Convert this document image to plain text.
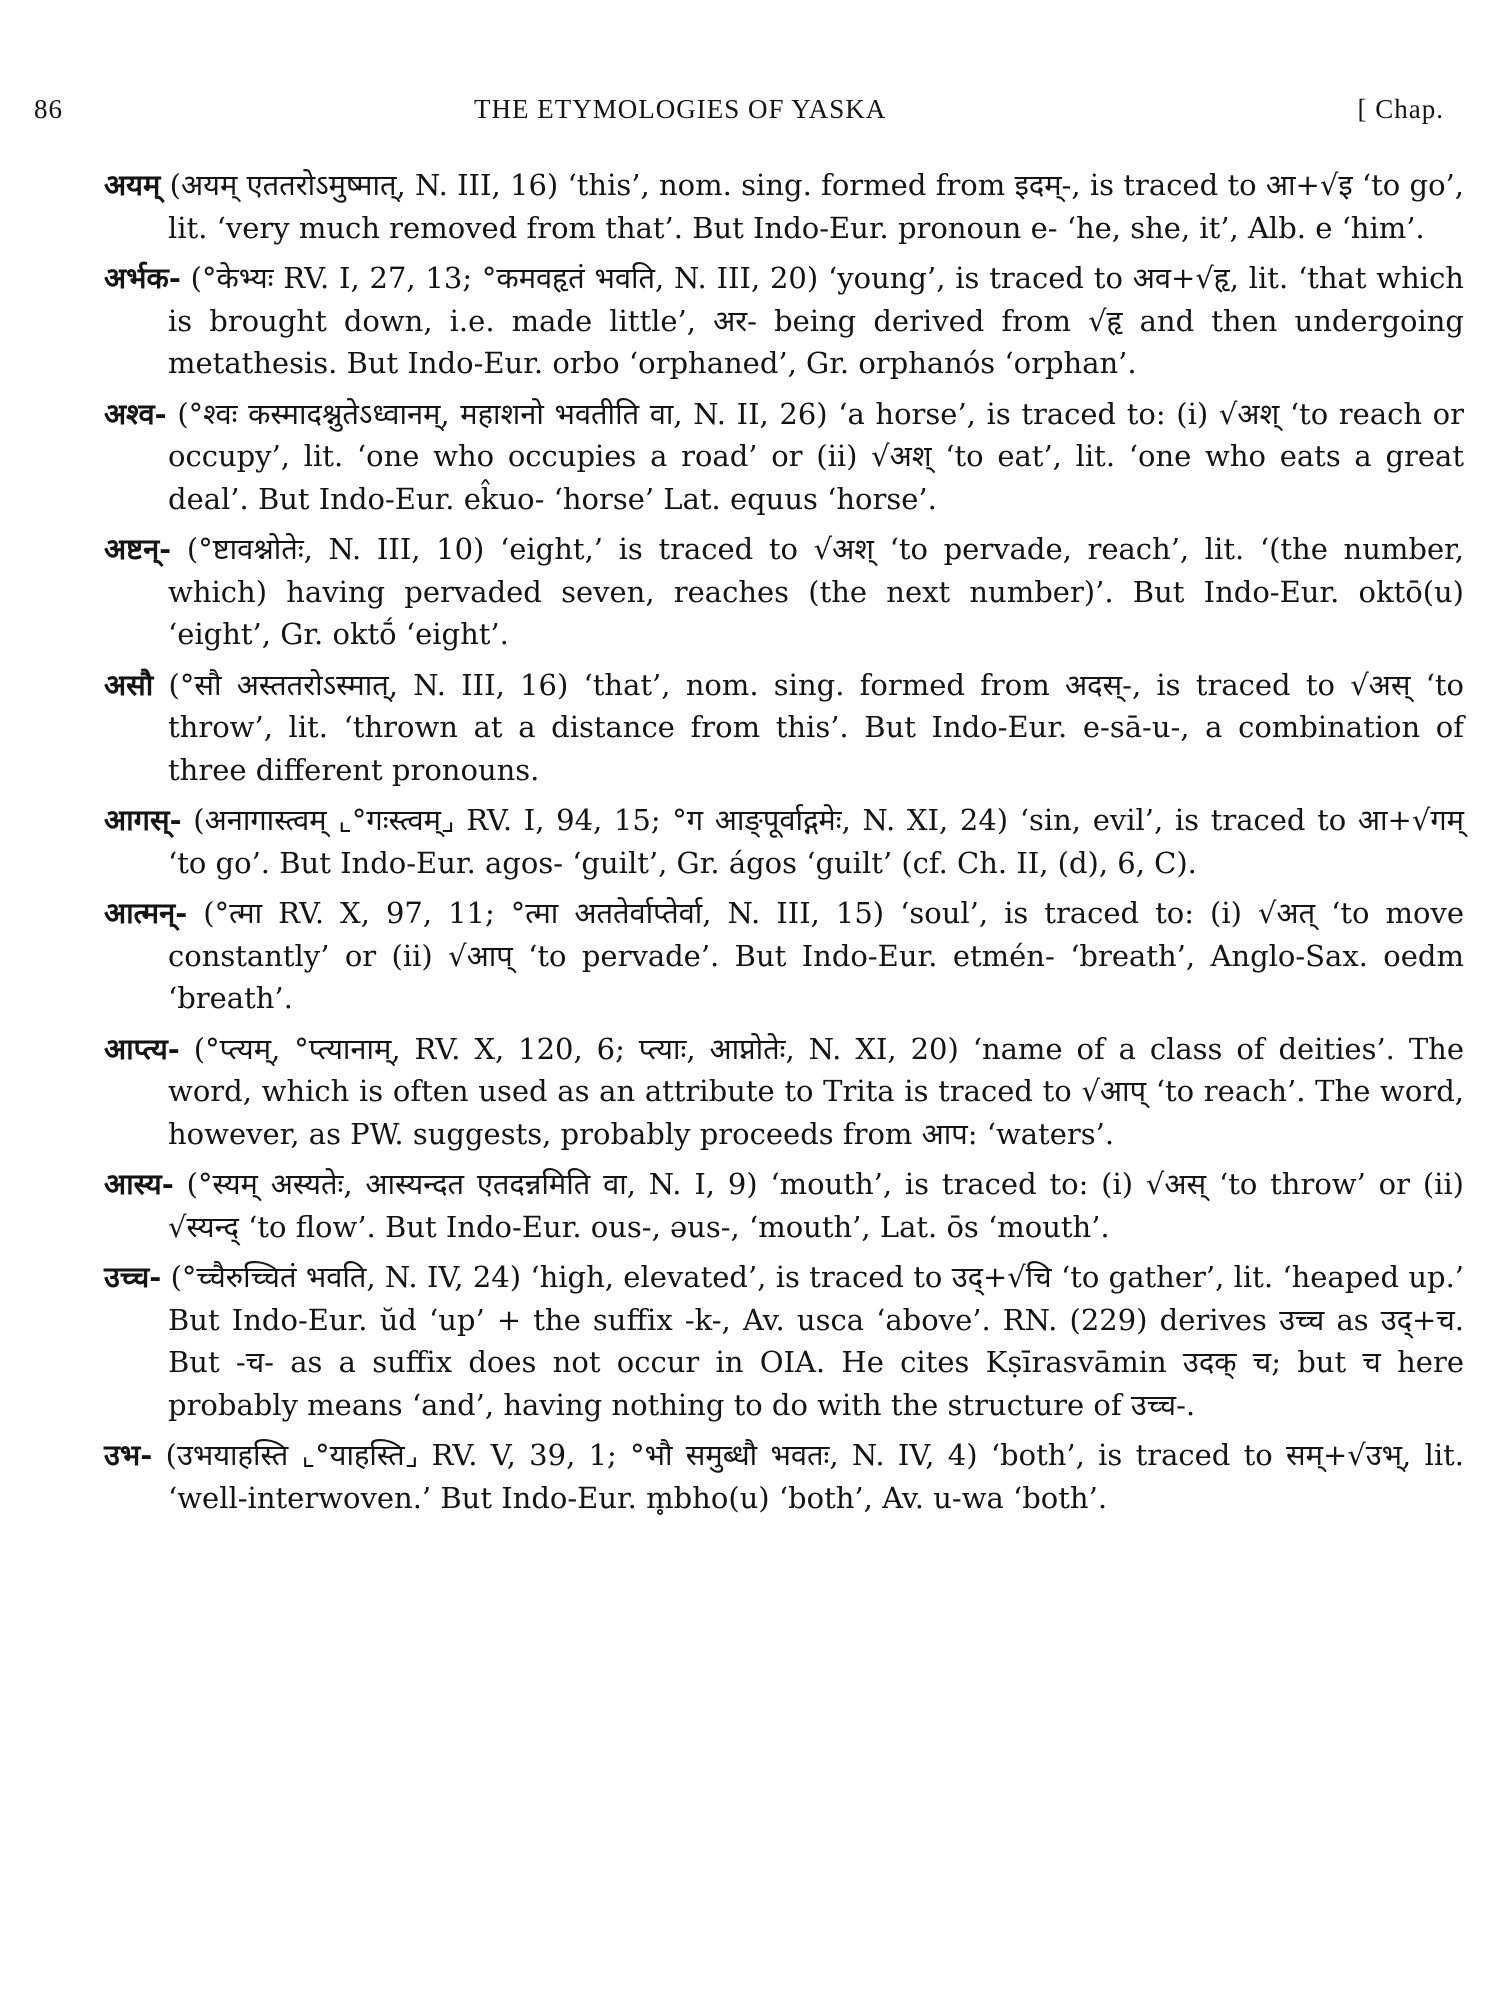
86	THE ETYMOLOGIES OF YASKA	[ Chap.

अयम् (अयम् एततरोऽमुष्मात्, N. III, 16) ‘this’, nom. sing. formed from इदम्-, is traced to आ+√इ ‘to go’, lit. ‘very much removed from that’. But Indo-Eur. pronoun e- ‘he, she, it’, Alb. e ‘him’.

अर्भक- (°केभ्यः RV. I, 27, 13; °कमवहृतं भवति, N. III, 20) ‘young’, is traced to अव+√हृ, lit. ‘that which is brought down, i.e. made little’, अर- being derived from √हृ and then undergoing metathesis. But Indo-Eur. orbo ‘orphaned’, Gr. orphanós ‘orphan’.

अश्व- (°श्वः कस्मादश्नुतेऽध्वानम्, महाशनो भवतीति वा, N. II, 26) ‘a horse’, is traced to: (i) √अश् ‘to reach or occupy’, lit. ‘one who occupies a road’ or (ii) √अश् ‘to eat’, lit. ‘one who eats a great deal’. But Indo-Eur. ek̂uo- ‘horse’ Lat. equus ‘horse’.

अष्टन्- (°ष्टावश्नोतेः, N. III, 10) ‘eight,’ is traced to √अश् ‘to pervade, reach’, lit. ‘(the number, which) having pervaded seven, reaches (the next number)’. But Indo-Eur. oktō(u) ‘eight’, Gr. oktṓ ‘eight’.

असौ (°सौ अस्ततरोऽस्मात्, N. III, 16) ‘that’, nom. sing. formed from अदस्-, is traced to √अस् ‘to throw’, lit. ‘thrown at a distance from this’. But Indo-Eur. e-sā-u-, a combination of three different pronouns.

आगस्- (अनागास्त्वम् ⌞°गःस्त्वम्⌟ RV. I, 94, 15; °ग आङ्पूर्वाद्गमेः, N. XI, 24) ‘sin, evil’, is traced to आ+√गम् ‘to go’. But Indo-Eur. agos- ‘guilt’, Gr. ágos ‘guilt’ (cf. Ch. II, (d), 6, C).

आत्मन्- (°त्मा RV. X, 97, 11; °त्मा अततेर्वाप्तेर्वा, N. III, 15) ‘soul’, is traced to: (i) √अत् ‘to move constantly’ or (ii) √आप् ‘to pervade’. But Indo-Eur. etmén- ‘breath’, Anglo-Sax. oedm ‘breath’.

आप्त्य- (°प्त्यम्, °प्त्यानाम्, RV. X, 120, 6; प्त्याः, आप्नोतेः, N. XI, 20) ‘name of a class of deities’. The word, which is often used as an attribute to Trita is traced to √आप् ‘to reach’. The word, however, as PW. suggests, probably proceeds from आप: ‘waters’.

आस्य- (°स्यम् अस्यतेः, आस्यन्दत एतदन्नमिति वा, N. I, 9) ‘mouth’, is traced to: (i) √अस् ‘to throw’ or (ii) √स्यन्द् ‘to flow’. But Indo-Eur. ous-, əus-, ‘mouth’, Lat. ōs ‘mouth’.

उच्च- (°च्चैरुच्चितं भवति, N. IV, 24) ‘high, elevated’, is traced to उद्+√चि ‘to gather’, lit. ‘heaped up.’ But Indo-Eur. ŭd ‘up’ + the suffix -k-, Av. usca ‘above’. RN. (229) derives उच्च as उद्+च. But -च- as a suffix does not occur in OIA. He cites Kṣīrasvāmin उदक् च; but च here probably means ‘and’, having nothing to do with the structure of उच्च-.

उभ- (उभयाहस्ति ⌞°याहस्ति⌟ RV. V, 39, 1; °भौ समुब्धौ भवतः, N. IV, 4) ‘both’, is traced to सम्+√उभ्, lit. ‘well-interwoven.’ But Indo-Eur. m̥bho(u) ‘both’, Av. u-wa ‘both’.
